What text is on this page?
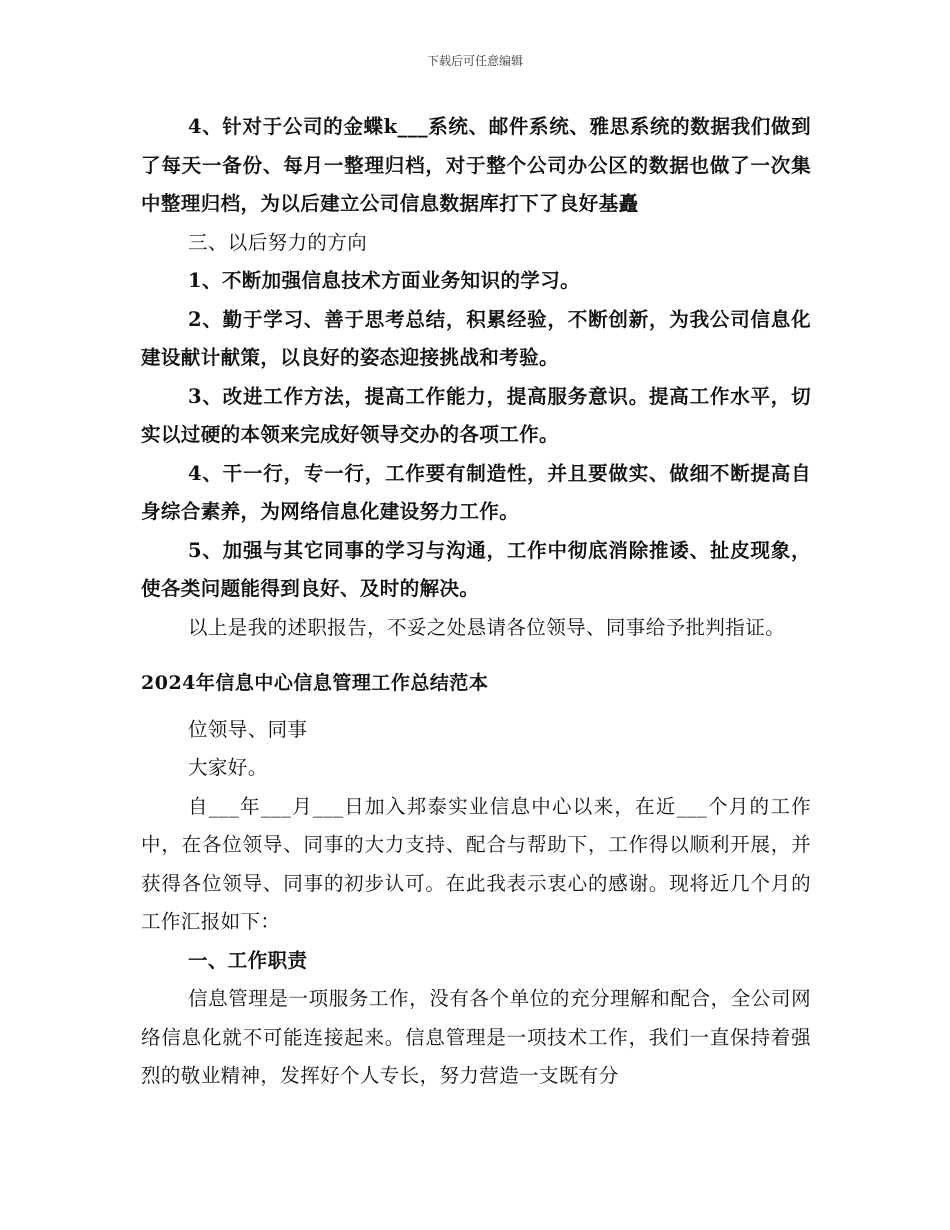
下载后可任意编辑

4、针对于公司的金蝶k___系统、邮件系统、雅思系统的数据我们做到了每天一备份、每月一整理归档，对于整个公司办公区的数据也做了一次集中整理归档，为以后建立公司信息数据库打下了良好基矗

三、以后努力的方向

1、不断加强信息技术方面业务知识的学习。

2、勤于学习、善于思考总结，积累经验，不断创新，为我公司信息化建设献计献策，以良好的姿态迎接挑战和考验。

3、改进工作方法，提高工作能力，提高服务意识。提高工作水平，切实以过硬的本领来完成好领导交办的各项工作。

4、干一行，专一行，工作要有制造性，并且要做实、做细不断提高自身综合素养，为网络信息化建设努力工作。

5、加强与其它同事的学习与沟通，工作中彻底消除推诿、扯皮现象，使各类问题能得到良好、及时的解决。

以上是我的述职报告，不妥之处恳请各位领导、同事给予批判指证。

2024年信息中心信息管理工作总结范本

位领导、同事

大家好。

自___年___月___日加入邦泰实业信息中心以来，在近___个月的工作中，在各位领导、同事的大力支持、配合与帮助下，工作得以顺利开展，并获得各位领导、同事的初步认可。在此我表示衷心的感谢。现将近几个月的工作汇报如下：

一、工作职责

信息管理是一项服务工作，没有各个单位的充分理解和配合，全公司网络信息化就不可能连接起来。信息管理是一项技术工作，我们一直保持着强烈的敬业精神，发挥好个人专长，努力营造一支既有分
